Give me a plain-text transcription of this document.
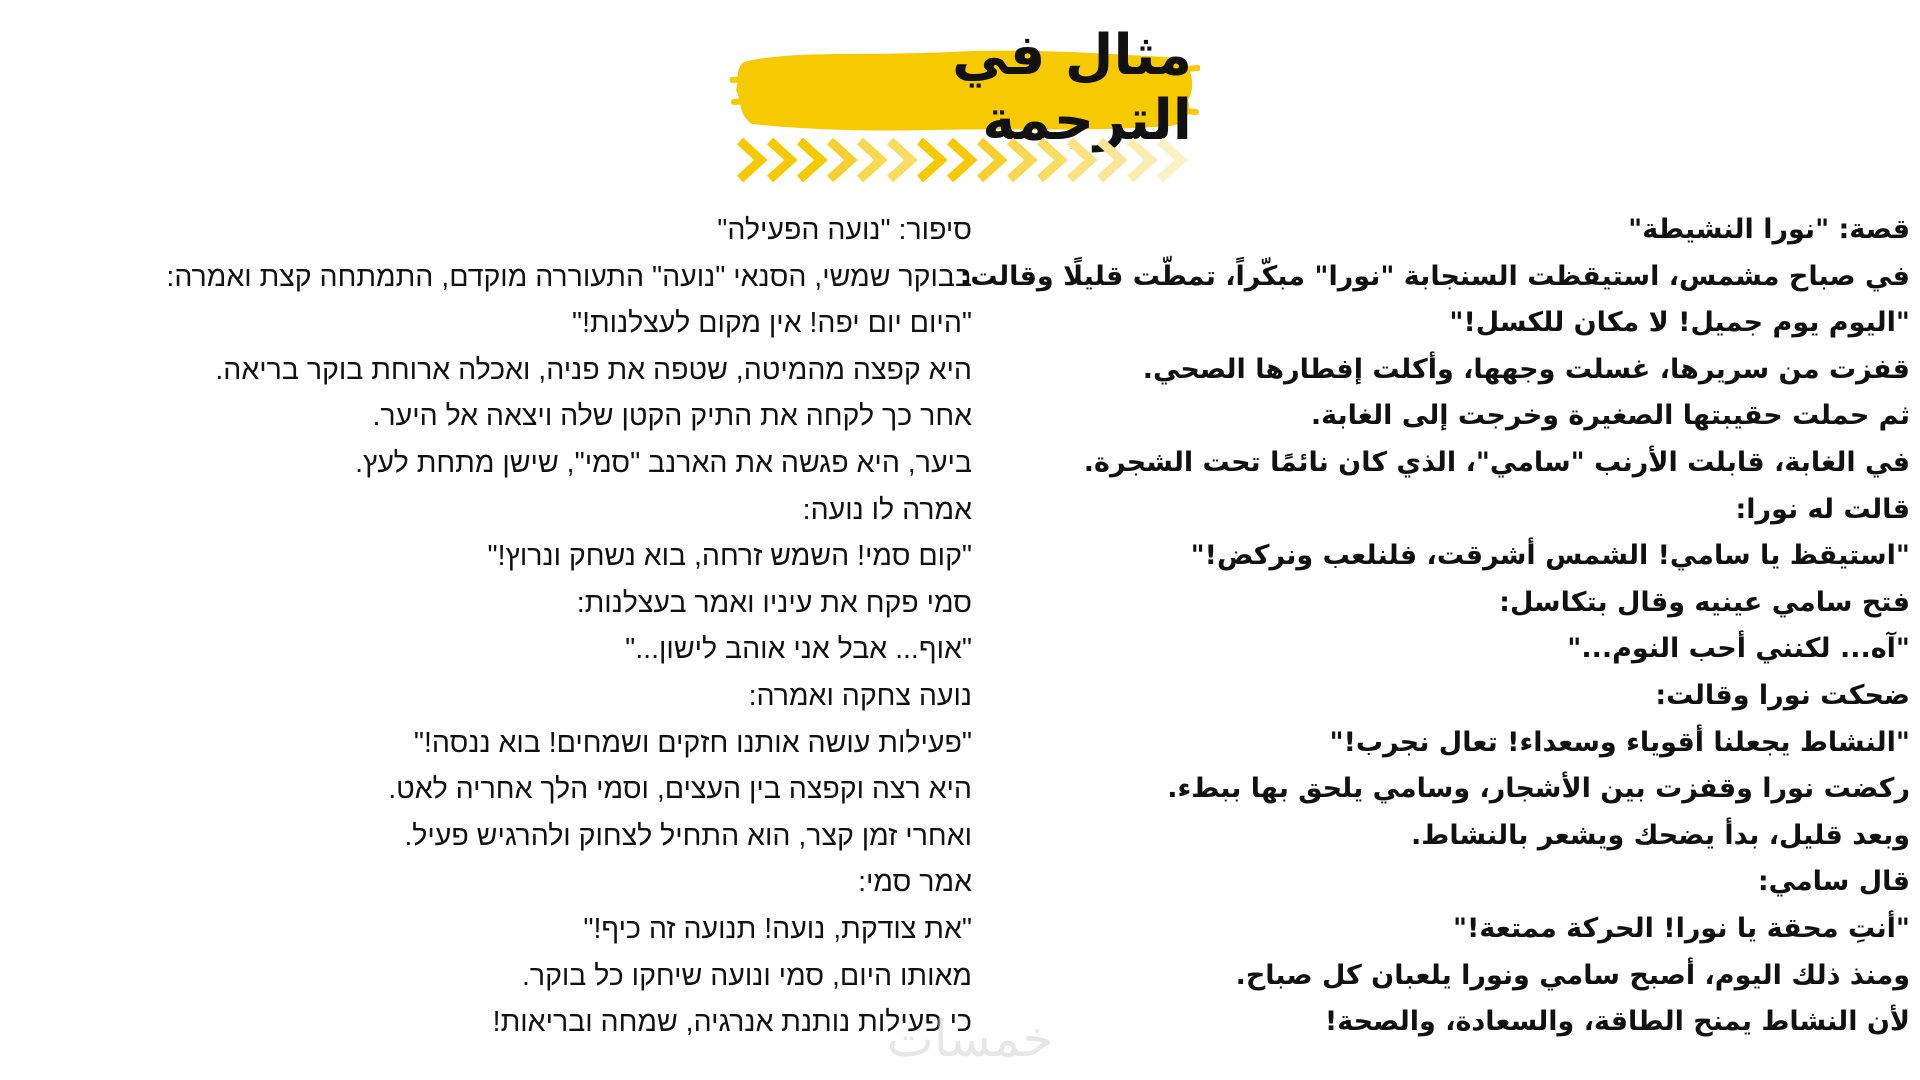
مثال في الترجمة
قصة: "نورا النشيطة"
في صباح مشمس، استيقظت السنجابة "نورا" مبكّراً، تمطّت قليلًا وقالت:
"اليوم يوم جميل! لا مكان للكسل!"
قفزت من سريرها، غسلت وجهها، وأكلت إفطارها الصحي.
ثم حملت حقيبتها الصغيرة وخرجت إلى الغابة.
في الغابة، قابلت الأرنب "سامي"، الذي كان نائمًا تحت الشجرة.
قالت له نورا:
"استيقظ يا سامي! الشمس أشرقت، فلنلعب ونركض!"
فتح سامي عينيه وقال بتكاسل:
"آه... لكنني أحب النوم..."
ضحكت نورا وقالت:
"النشاط يجعلنا أقوياء وسعداء! تعال نجرب!"
ركضت نورا وقفزت بين الأشجار، وسامي يلحق بها ببطء.
وبعد قليل، بدأ يضحك ويشعر بالنشاط.
قال سامي:
"أنتِ محقة يا نورا! الحركة ممتعة!"
ومنذ ذلك اليوم، أصبح سامي ونورا يلعبان كل صباح.
لأن النشاط يمنح الطاقة، والسعادة، والصحة!
סיפור: "נועה הפעילה"
בבוקר שמשי, הסנאי "נועה" התעוררה מוקדם, התמתחה קצת ואמרה:
"היום יום יפה! אין מקום לעצלנות!"
היא קפצה מהמיטה, שטפה את פניה, ואכלה ארוחת בוקר בריאה.
אחר כך לקחה את התיק הקטן שלה ויצאה אל היער.
ביער, היא פגשה את הארנב "סמי", שישן מתחת לעץ.
אמרה לו נועה:
"קום סמי! השמש זרחה, בוא נשחק ונרוץ!"
סמי פקח את עיניו ואמר בעצלנות:
"אוף... אבל אני אוהב לישון..."
נועה צחקה ואמרה:
"פעילות עושה אותנו חזקים ושמחים! בוא ננסה!"
היא רצה וקפצה בין העצים, וסמי הלך אחריה לאט.
ואחרי זמן קצר, הוא התחיל לצחוק ולהרגיש פעיל.
אמר סמי:
"את צודקת, נועה! תנועה זה כיף!"
מאותו היום, סמי ונועה שיחקו כל בוקר.
כי פעילות נותנת אנרגיה, שמחה ובריאות!
خمسات
